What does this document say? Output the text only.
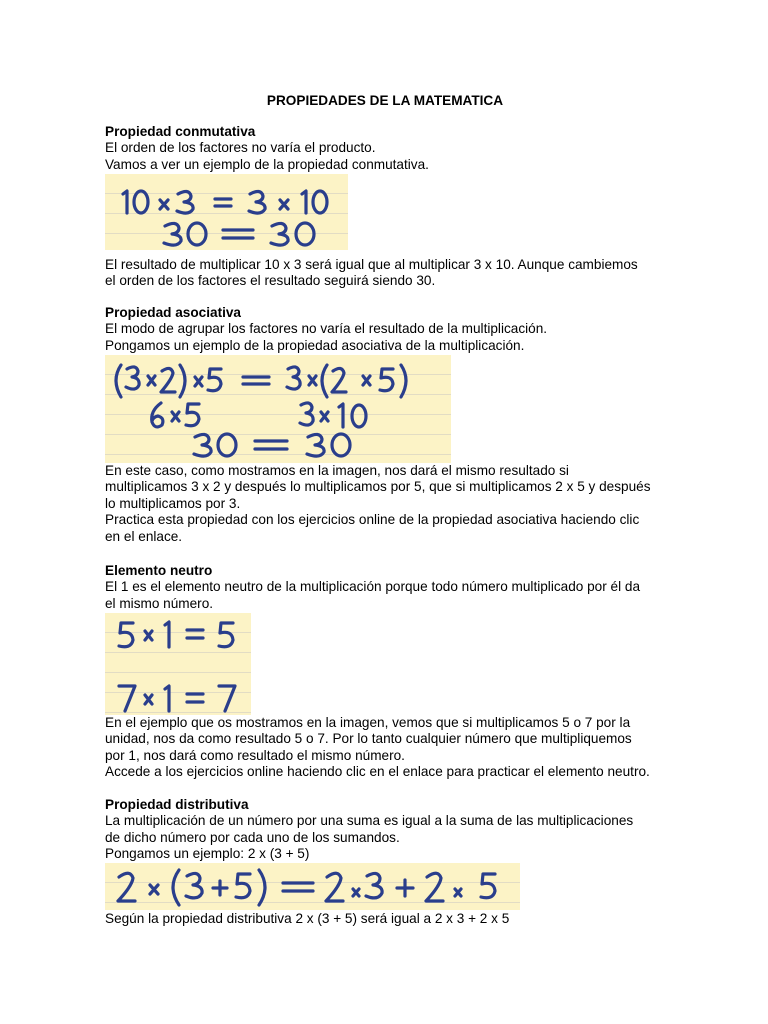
PROPIEDADES DE LA MATEMATICA
Propiedad conmutativa
El orden de los factores no varía el producto.
Vamos a ver un ejemplo de la propiedad conmutativa.
El resultado de multiplicar 10 x 3 será igual que al multiplicar 3 x 10. Aunque cambiemos
el orden de los factores el resultado seguirá siendo 30.
Propiedad asociativa
El modo de agrupar los factores no varía el resultado de la multiplicación.
Pongamos un ejemplo de la propiedad asociativa de la multiplicación.
En este caso, como mostramos en la imagen, nos dará el mismo resultado si
multiplicamos 3 x 2 y después lo multiplicamos por 5, que si multiplicamos 2 x 5 y después
lo multiplicamos por 3.
Practica esta propiedad con los ejercicios online de la propiedad asociativa haciendo clic
en el enlace.
Elemento neutro
El 1 es el elemento neutro de la multiplicación porque todo número multiplicado por él da
el mismo número.
En el ejemplo que os mostramos en la imagen, vemos que si multiplicamos 5 o 7 por la
unidad, nos da como resultado 5 o 7. Por lo tanto cualquier número que multipliquemos
por 1, nos dará como resultado el mismo número.
Accede a los ejercicios online haciendo clic en el enlace para practicar el elemento neutro.
Propiedad distributiva
La multiplicación de un número por una suma es igual a la suma de las multiplicaciones
de dicho número por cada uno de los sumandos.
Pongamos un ejemplo: 2 x (3 + 5)
Según la propiedad distributiva 2 x (3 + 5) será igual a 2 x 3 + 2 x 5
